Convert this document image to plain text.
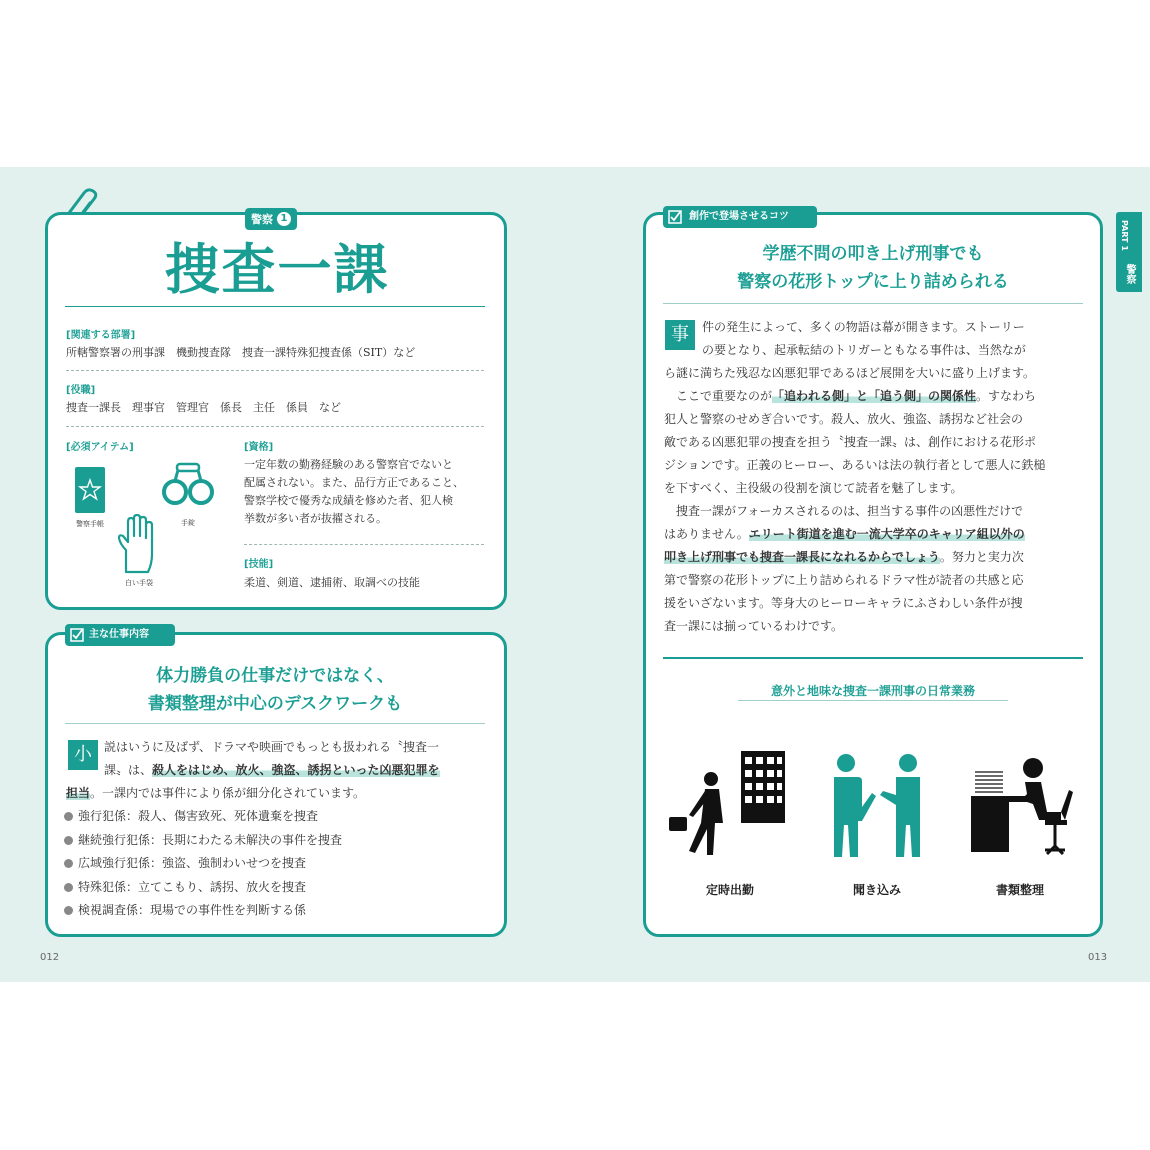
警察 1
捜査一課
[関連する部署]
所轄警察署の刑事課　機動捜査隊　捜査一課特殊犯捜査係（SIT）など
[役職]
捜査一課長　理事官　管理官　係長　主任　係員　など
[必須アイテム]
警察手帳	手錠
白い手袋
[資格]
一定年数の勤務経験のある警察官でないと
配属されない。また、品行方正であること、
警察学校で優秀な成績を修めた者、犯人検
挙数が多い者が抜擢される。
[技能]
柔道、剣道、逮捕術、取調べの技能
主な仕事内容
体力勝負の仕事だけではなく、
書類整理が中心のデスクワークも
小	説はいうに及ばず、ドラマや映画でもっとも扱われる〝捜査一
課〟は、殺人をはじめ、放火、強盗、誘拐といった凶悪犯罪を
担当。一課内では事件により係が細分化されています。
強行犯係：殺人、傷害致死、死体遺棄を捜査
継続強行犯係：長期にわたる未解決の事件を捜査
広域強行犯係：強盗、強制わいせつを捜査
特殊犯係：立てこもり、誘拐、放火を捜査
検視調査係：現場での事件性を判断する係
012
創作で登場させるコツ
学歴不問の叩き上げ刑事でも
警察の花形トップに上り詰められる
事	件の発生によって、多くの物語は幕が開きます。ストーリー
の要となり、起承転結のトリガーともなる事件は、当然なが
ら謎に満ちた残忍な凶悪犯罪であるほど展開を大いに盛り上げます。
　ここで重要なのが「追われる側」と「追う側」の関係性。すなわち
犯人と警察のせめぎ合いです。殺人、放火、強盗、誘拐など社会の
敵である凶悪犯罪の捜査を担う〝捜査一課〟は、創作における花形ポ
ジションです。正義のヒーロー、あるいは法の執行者として悪人に鉄槌
を下すべく、主役級の役割を演じて読者を魅了します。
　捜査一課がフォーカスされるのは、担当する事件の凶悪性だけで
はありません。エリート街道を進む一流大学卒のキャリア組以外の
叩き上げ刑事でも捜査一課長になれるからでしょう。努力と実力次
第で警察の花形トップに上り詰められるドラマ性が読者の共感と応
援をいざないます。等身大のヒーローキャラにふさわしい条件が捜
査一課には揃っているわけです。
意外と地味な捜査一課刑事の日常業務
定時出勤	聞き込み	書類整理
013
PART 1
警察
